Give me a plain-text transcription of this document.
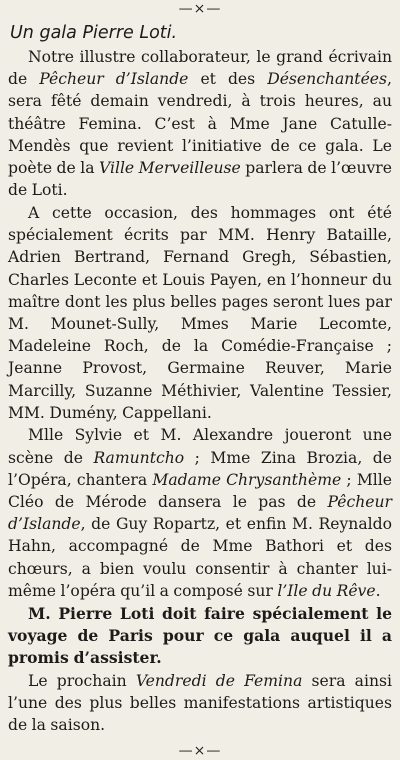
—×—
Un gala Pierre Loti.

Notre illustre collaborateur, le grand écrivain de Pêcheur d’Islande et des Désenchantées, sera fêté demain vendredi, à trois heures, au théâtre Femina. C’est à Mme Jane Catulle-Mendès que revient l’initiative de ce gala. Le poète de la Ville Merveilleuse parlera de l’œuvre de Loti.

A cette occasion, des hommages ont été spécialement écrits par MM. Henry Bataille, Adrien Bertrand, Fernand Gregh, Sébastien, Charles Leconte et Louis Payen, en l’honneur du maître dont les plus belles pages seront lues par M. Mounet-Sully, Mmes Marie Lecomte, Madeleine Roch, de la Comédie-Française ; Jeanne Provost, Germaine Reuver, Marie Marcilly, Suzanne Méthivier, Valentine Tessier, MM. Dumény, Cappellani.

Mlle Sylvie et M. Alexandre joueront une scène de Ramuntcho ; Mme Zina Brozia, de l’Opéra, chantera Madame Chrysanthème ; Mlle Cléo de Mérode dansera le pas de Pêcheur d’Islande, de Guy Ropartz, et enfin M. Reynaldo Hahn, accompagné de Mme Bathori et des chœurs, a bien voulu consentir à chanter lui-même l’opéra qu’il a composé sur l’Ile du Rêve.

M. Pierre Loti doit faire spécialement le voyage de Paris pour ce gala auquel il a promis d’assister.

Le prochain Vendredi de Femina sera ainsi l’une des plus belles manifestations artistiques de la saison.

—×—
